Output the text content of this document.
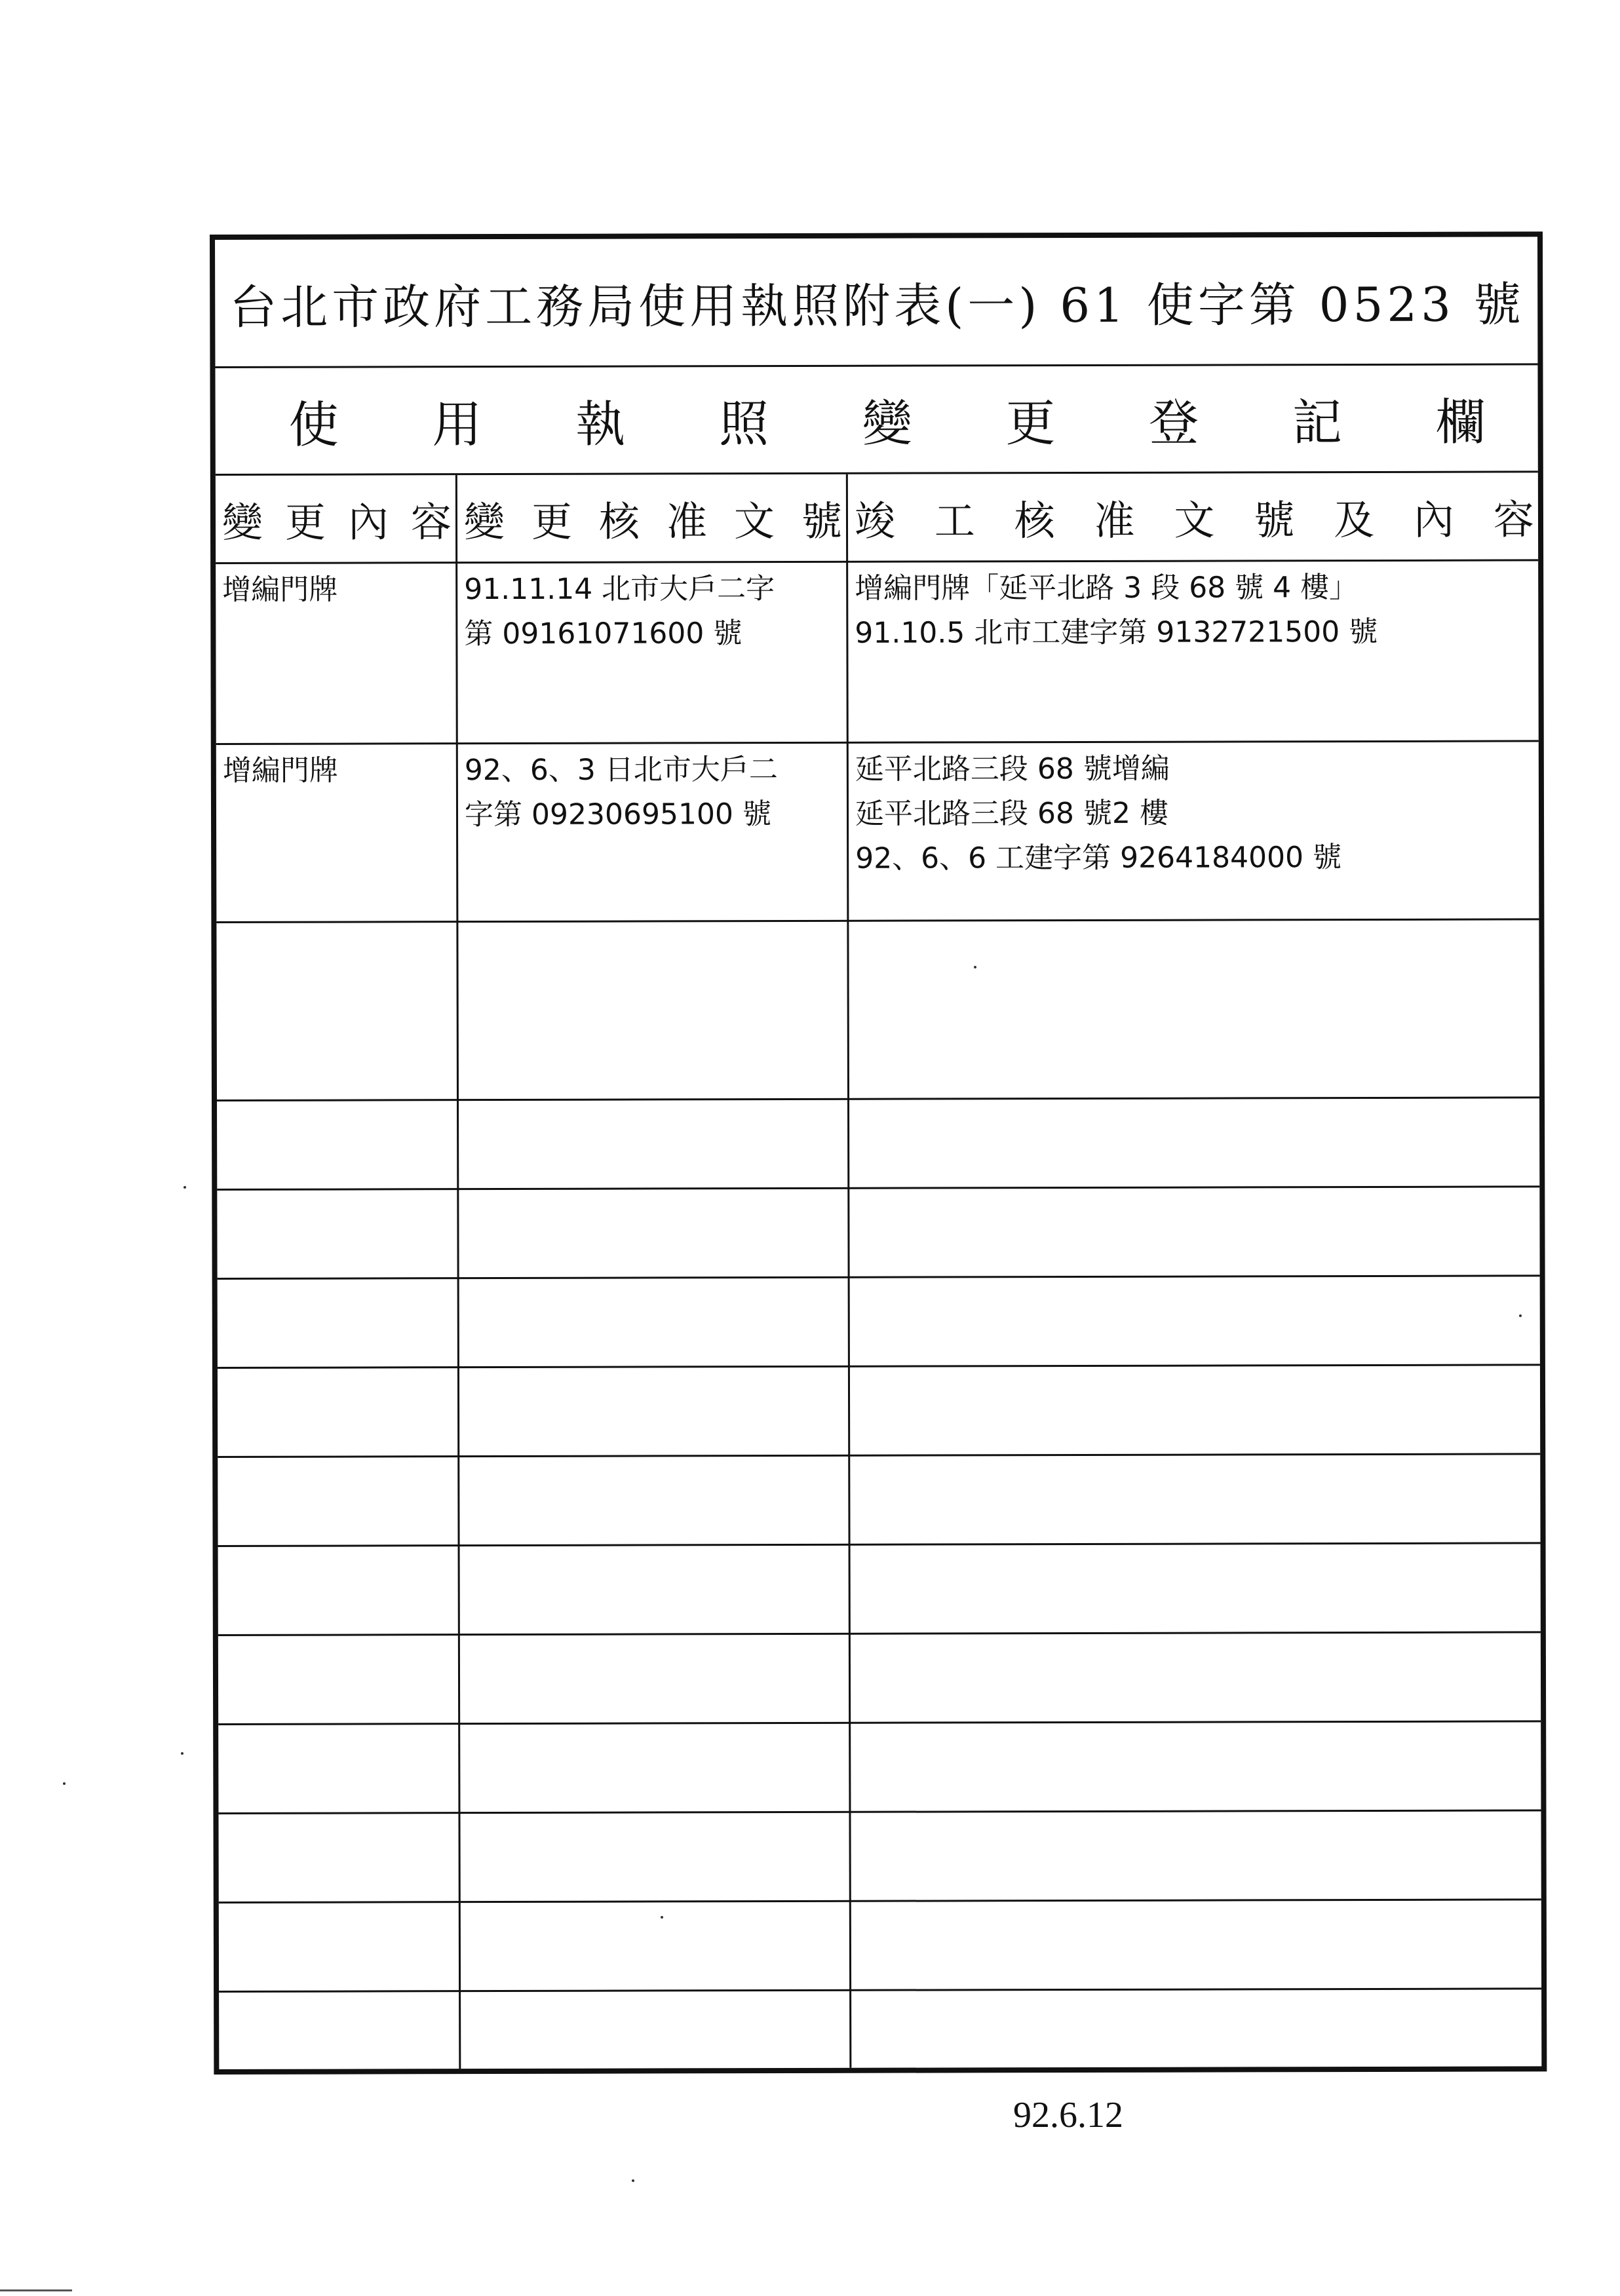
台北市政府工務局使用執照附表(一) 61 使字第 0523 號
使 用 執 照 變 更 登 記 欄
變 更 內 容 變 更 核 准 文 號 竣 工 核 准 文 號 及 內 容
增編門牌	91.11.14 北市大戶二字
第 09161071600 號
增編門牌「延平北路 3 段 68 號 4 樓」
91.10.5 北市工建字第 9132721500 號
增編門牌	92、6、3 日北市大戶二
字第 09230695100 號
延平北路三段 68 號增編
延平北路三段 68 號2 樓
92、6、6 工建字第 9264184000 號
92.6.12
